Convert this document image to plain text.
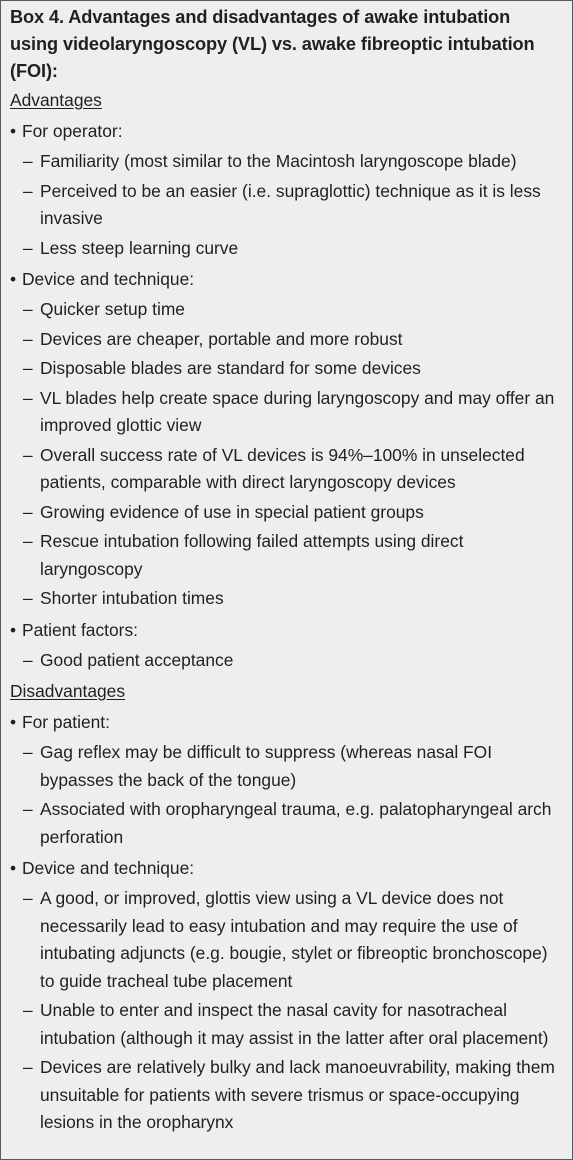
Box 4. Advantages and disadvantages of awake intubation using videolaryngoscopy (VL) vs. awake fibreoptic intubation (FOI):

Advantages

• For operator:

– Familiarity (most similar to the Macintosh laryngoscope blade)
– Perceived to be an easier (i.e. supraglottic) technique as it is less invasive
– Less steep learning curve

• Device and technique:

– Quicker setup time
– Devices are cheaper, portable and more robust
– Disposable blades are standard for some devices
– VL blades help create space during laryngoscopy and may offer an improved glottic view
– Overall success rate of VL devices is 94%–100% in unselected patients, comparable with direct laryngoscopy devices
– Growing evidence of use in special patient groups
– Rescue intubation following failed attempts using direct laryngoscopy
– Shorter intubation times

• Patient factors:

– Good patient acceptance

Disadvantages

• For patient:

– Gag reflex may be difficult to suppress (whereas nasal FOI bypasses the back of the tongue)
– Associated with oropharyngeal trauma, e.g. palatopharyngeal arch perforation

• Device and technique:

– A good, or improved, glottis view using a VL device does not necessarily lead to easy intubation and may require the use of intubating adjuncts (e.g. bougie, stylet or fibreoptic bronchoscope) to guide tracheal tube placement
– Unable to enter and inspect the nasal cavity for nasotracheal intubation (although it may assist in the latter after oral placement)
– Devices are relatively bulky and lack manoeuvrability, making them unsuitable for patients with severe trismus or space-occupying lesions in the oropharynx
